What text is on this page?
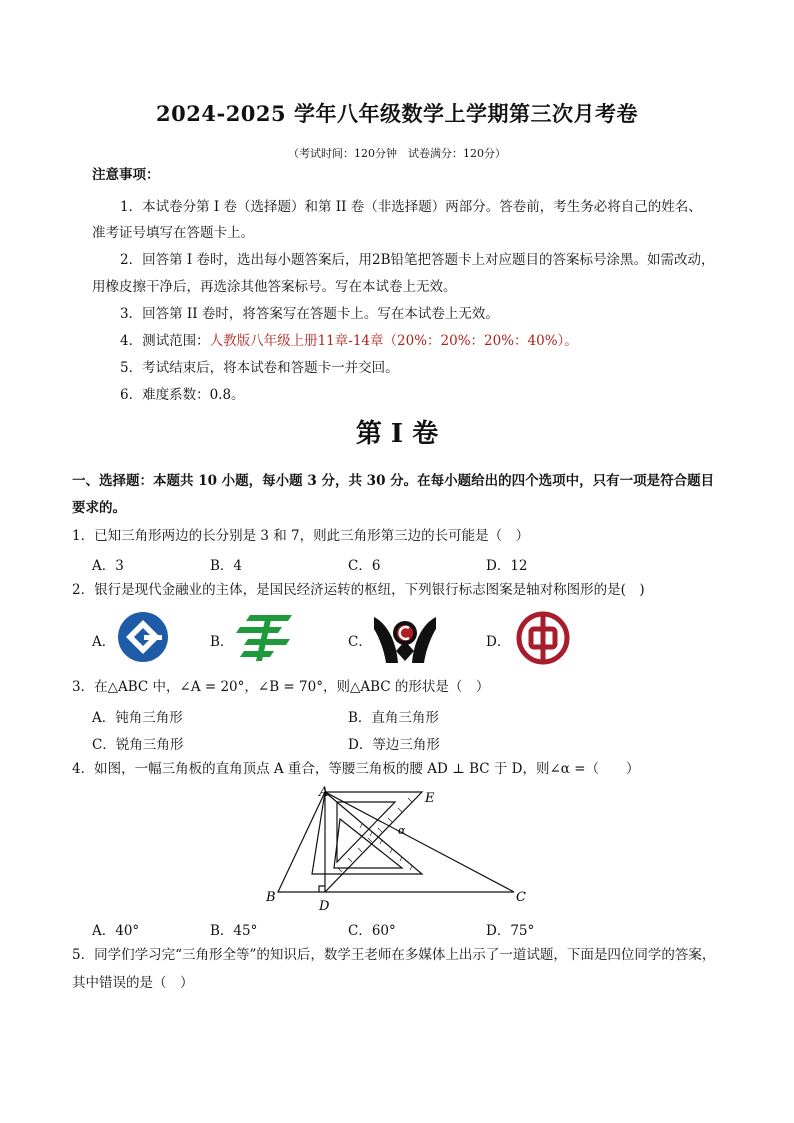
2024-2025 学年八年级数学上学期第三次月考卷
（考试时间：120分钟　试卷满分：120分）
注意事项：
1．本试卷分第 I 卷（选择题）和第 II 卷（非选择题）两部分。答卷前，考生务必将自己的姓名、
准考证号填写在答题卡上。
2．回答第 I 卷时，选出每小题答案后，用2B铅笔把答题卡上对应题目的答案标号涂黑。如需改动，
用橡皮擦干净后，再选涂其他答案标号。写在本试卷上无效。
3．回答第 II 卷时，将答案写在答题卡上。写在本试卷上无效。
4．测试范围：人教版八年级上册11章-14章（20%：20%：20%：40%）。
5．考试结束后，将本试卷和答题卡一并交回。
6．难度系数：0.8。
第 I 卷
一、选择题：本题共 10 小题，每小题 3 分，共 30 分。在每小题给出的四个选项中，只有一项是符合题目
要求的。
1．已知三角形两边的长分别是 3 和 7，则此三角形第三边的长可能是（　）
A．3	B．4	C．6	D．12
2．银行是现代金融业的主体，是国民经济运转的枢纽，下列银行标志图案是轴对称图形的是(　)
A．	B．	C．	D．
3．在△ABC 中，∠A = 20°，∠B = 70°，则△ABC 的形状是（　）
A．钝角三角形	B．直角三角形
C．锐角三角形	D．等边三角形
4．如图，一幅三角板的直角顶点 A 重合，等腰三角板的腰 AD ⊥ BC 于 D，则∠α =（　　）
A	E
α
B
D
C
A．40°	B．45°	C．60°	D．75°
5．同学们学习完“三角形全等”的知识后，数学王老师在多媒体上出示了一道试题，下面是四位同学的答案，
其中错误的是（　）
